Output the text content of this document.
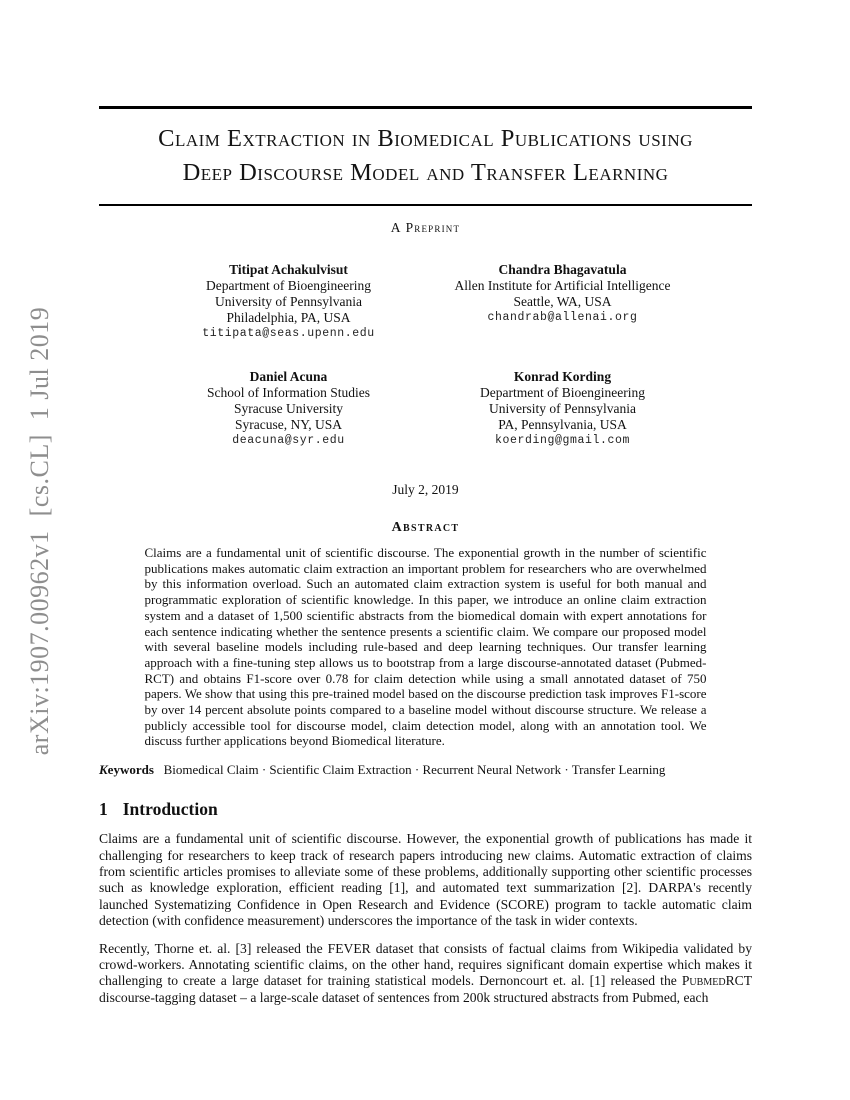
arXiv:1907.00962v1  [cs.CL]  1 Jul 2019
Claim Extraction in Biomedical Publications using
Deep Discourse Model and Transfer Learning
A Preprint
Titipat Achakulvisut
Department of Bioengineering
University of Pennsylvania
Philadelphia, PA, USA
titipata@seas.upenn.edu
Chandra Bhagavatula
Allen Institute for Artificial Intelligence
Seattle, WA, USA
chandrab@allenai.org
Daniel Acuna
School of Information Studies
Syracuse University
Syracuse, NY, USA
deacuna@syr.edu
Konrad Kording
Department of Bioengineering
University of Pennsylvania
PA, Pennsylvania, USA
koerding@gmail.com
July 2, 2019
Abstract

Claims are a fundamental unit of scientific discourse. The exponential growth in the number of scientific publications makes automatic claim extraction an important problem for researchers who are overwhelmed by this information overload. Such an automated claim extraction system is useful for both manual and programmatic exploration of scientific knowledge. In this paper, we introduce an online claim extraction system and a dataset of 1,500 scientific abstracts from the biomedical domain with expert annotations for each sentence indicating whether the sentence presents a scientific claim. We compare our proposed model with several baseline models including rule-based and deep learning techniques. Our transfer learning approach with a fine-tuning step allows us to bootstrap from a large discourse-annotated dataset (Pubmed-RCT) and obtains F1-score over 0.78 for claim detection while using a small annotated dataset of 750 papers. We show that using this pre-trained model based on the discourse prediction task improves F1-score by over 14 percent absolute points compared to a baseline model without discourse structure. We release a publicly accessible tool for discourse model, claim detection model, along with an annotation tool. We discuss further applications beyond Biomedical literature.

Keywords Biomedical Claim · Scientific Claim Extraction · Recurrent Neural Network · Transfer Learning
1 Introduction

Claims are a fundamental unit of scientific discourse. However, the exponential growth of publications has made it challenging for researchers to keep track of research papers introducing new claims. Automatic extraction of claims from scientific articles promises to alleviate some of these problems, additionally supporting other scientific processes such as knowledge exploration, efficient reading [1], and automated text summarization [2]. DARPA's recently launched Systematizing Confidence in Open Research and Evidence (SCORE) program to tackle automatic claim detection (with confidence measurement) underscores the importance of the task in wider contexts.

Recently, Thorne et. al. [3] released the FEVER dataset that consists of factual claims from Wikipedia validated by crowd-workers. Annotating scientific claims, on the other hand, requires significant domain expertise which makes it challenging to create a large dataset for training statistical models. Dernoncourt et. al. [1] released the PubmedRCT discourse-tagging dataset – a large-scale dataset of sentences from 200k structured abstracts from Pubmed, each
